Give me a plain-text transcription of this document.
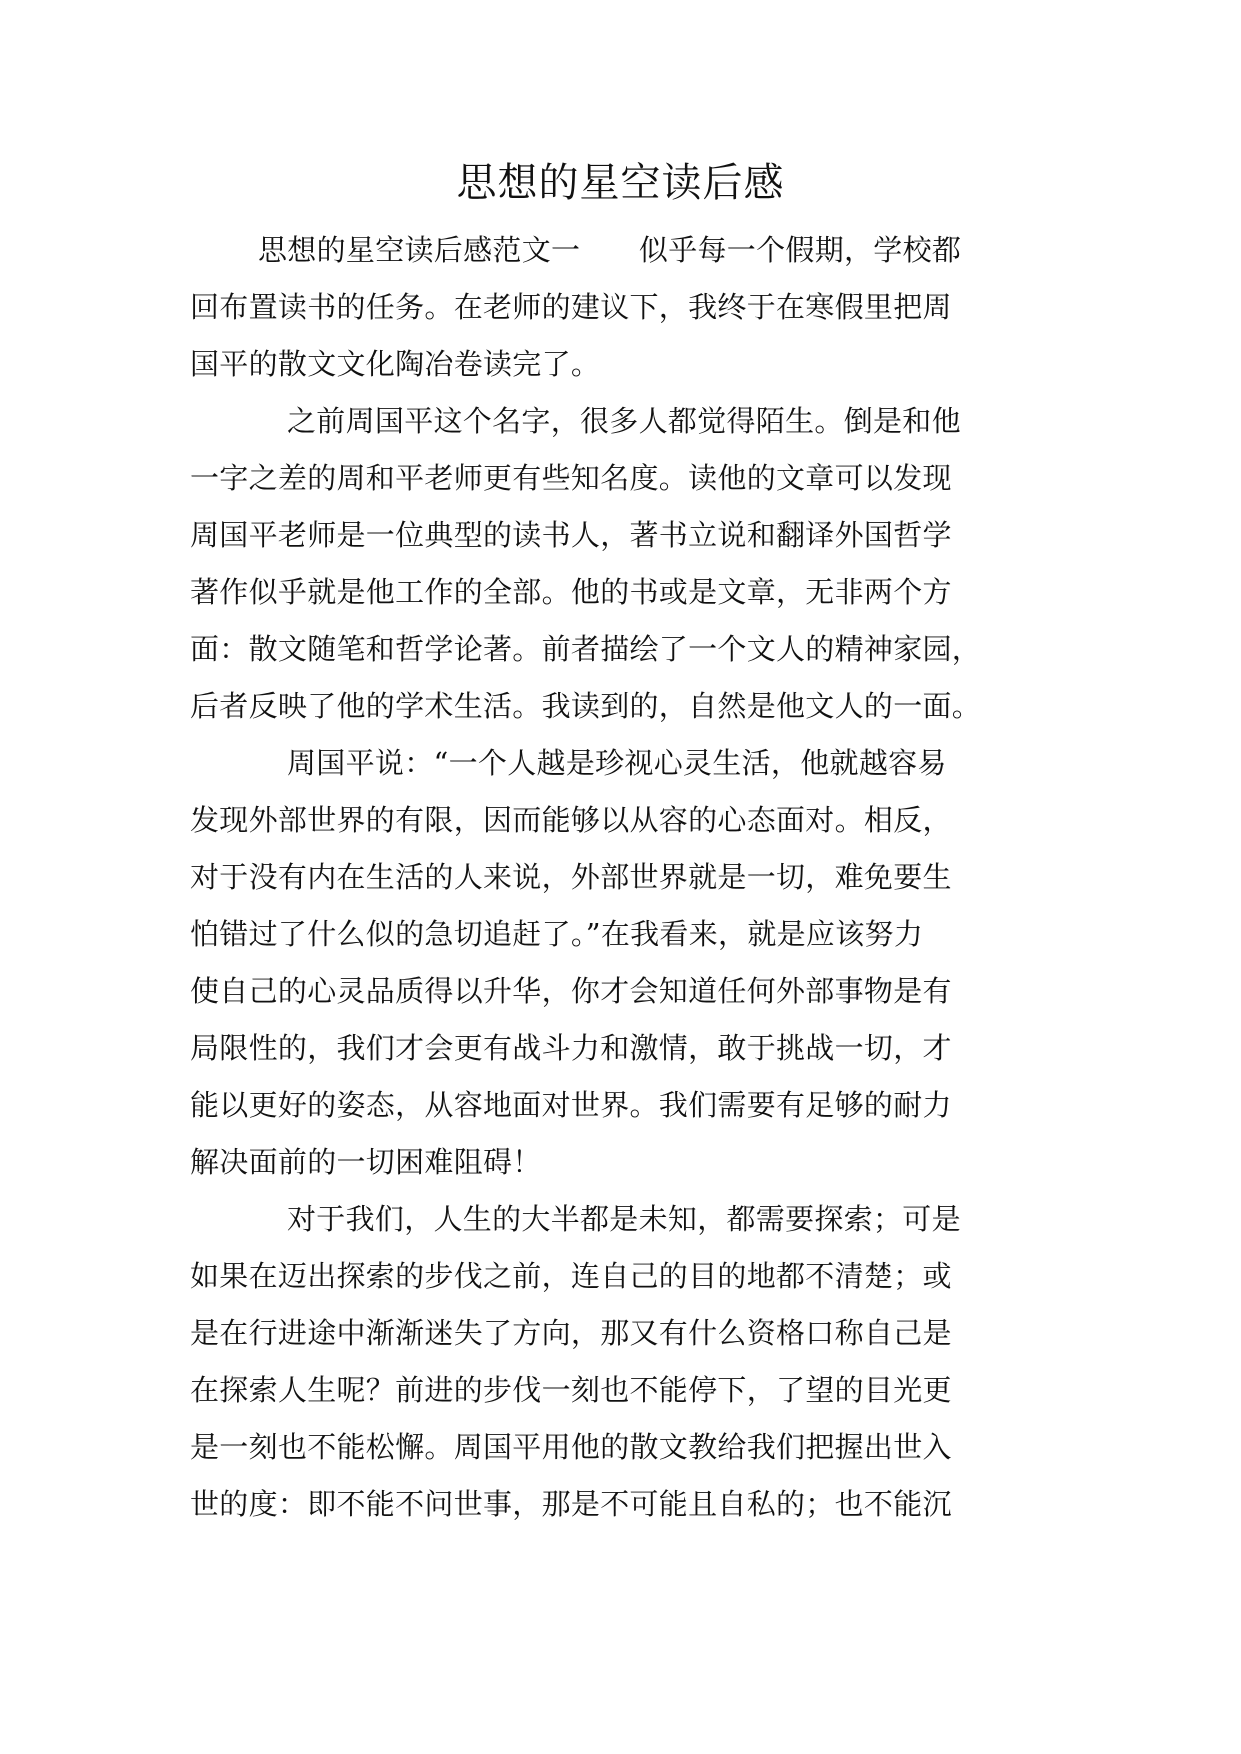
思想的星空读后感

思想的星空读后感范文一　　似乎每一个假期，学校都

回布置读书的任务。在老师的建议下，我终于在寒假里把周

国平的散文文化陶冶卷读完了。

之前周国平这个名字，很多人都觉得陌生。倒是和他

一字之差的周和平老师更有些知名度。读他的文章可以发现

周国平老师是一位典型的读书人，著书立说和翻译外国哲学

著作似乎就是他工作的全部。他的书或是文章，无非两个方

面：散文随笔和哲学论著。前者描绘了一个文人的精神家园，

后者反映了他的学术生活。我读到的，自然是他文人的一面。

周国平说：“一个人越是珍视心灵生活，他就越容易

发现外部世界的有限，因而能够以从容的心态面对。相反，

对于没有内在生活的人来说，外部世界就是一切，难免要生

怕错过了什么似的急切追赶了。”在我看来，就是应该努力

使自己的心灵品质得以升华，你才会知道任何外部事物是有

局限性的，我们才会更有战斗力和激情，敢于挑战一切，才

能以更好的姿态，从容地面对世界。我们需要有足够的耐力

解决面前的一切困难阻碍！

对于我们，人生的大半都是未知，都需要探索；可是

如果在迈出探索的步伐之前，连自己的目的地都不清楚；或

是在行进途中渐渐迷失了方向，那又有什么资格口称自己是

在探索人生呢？前进的步伐一刻也不能停下，了望的目光更

是一刻也不能松懈。周国平用他的散文教给我们把握出世入

世的度：即不能不问世事，那是不可能且自私的；也不能沉
